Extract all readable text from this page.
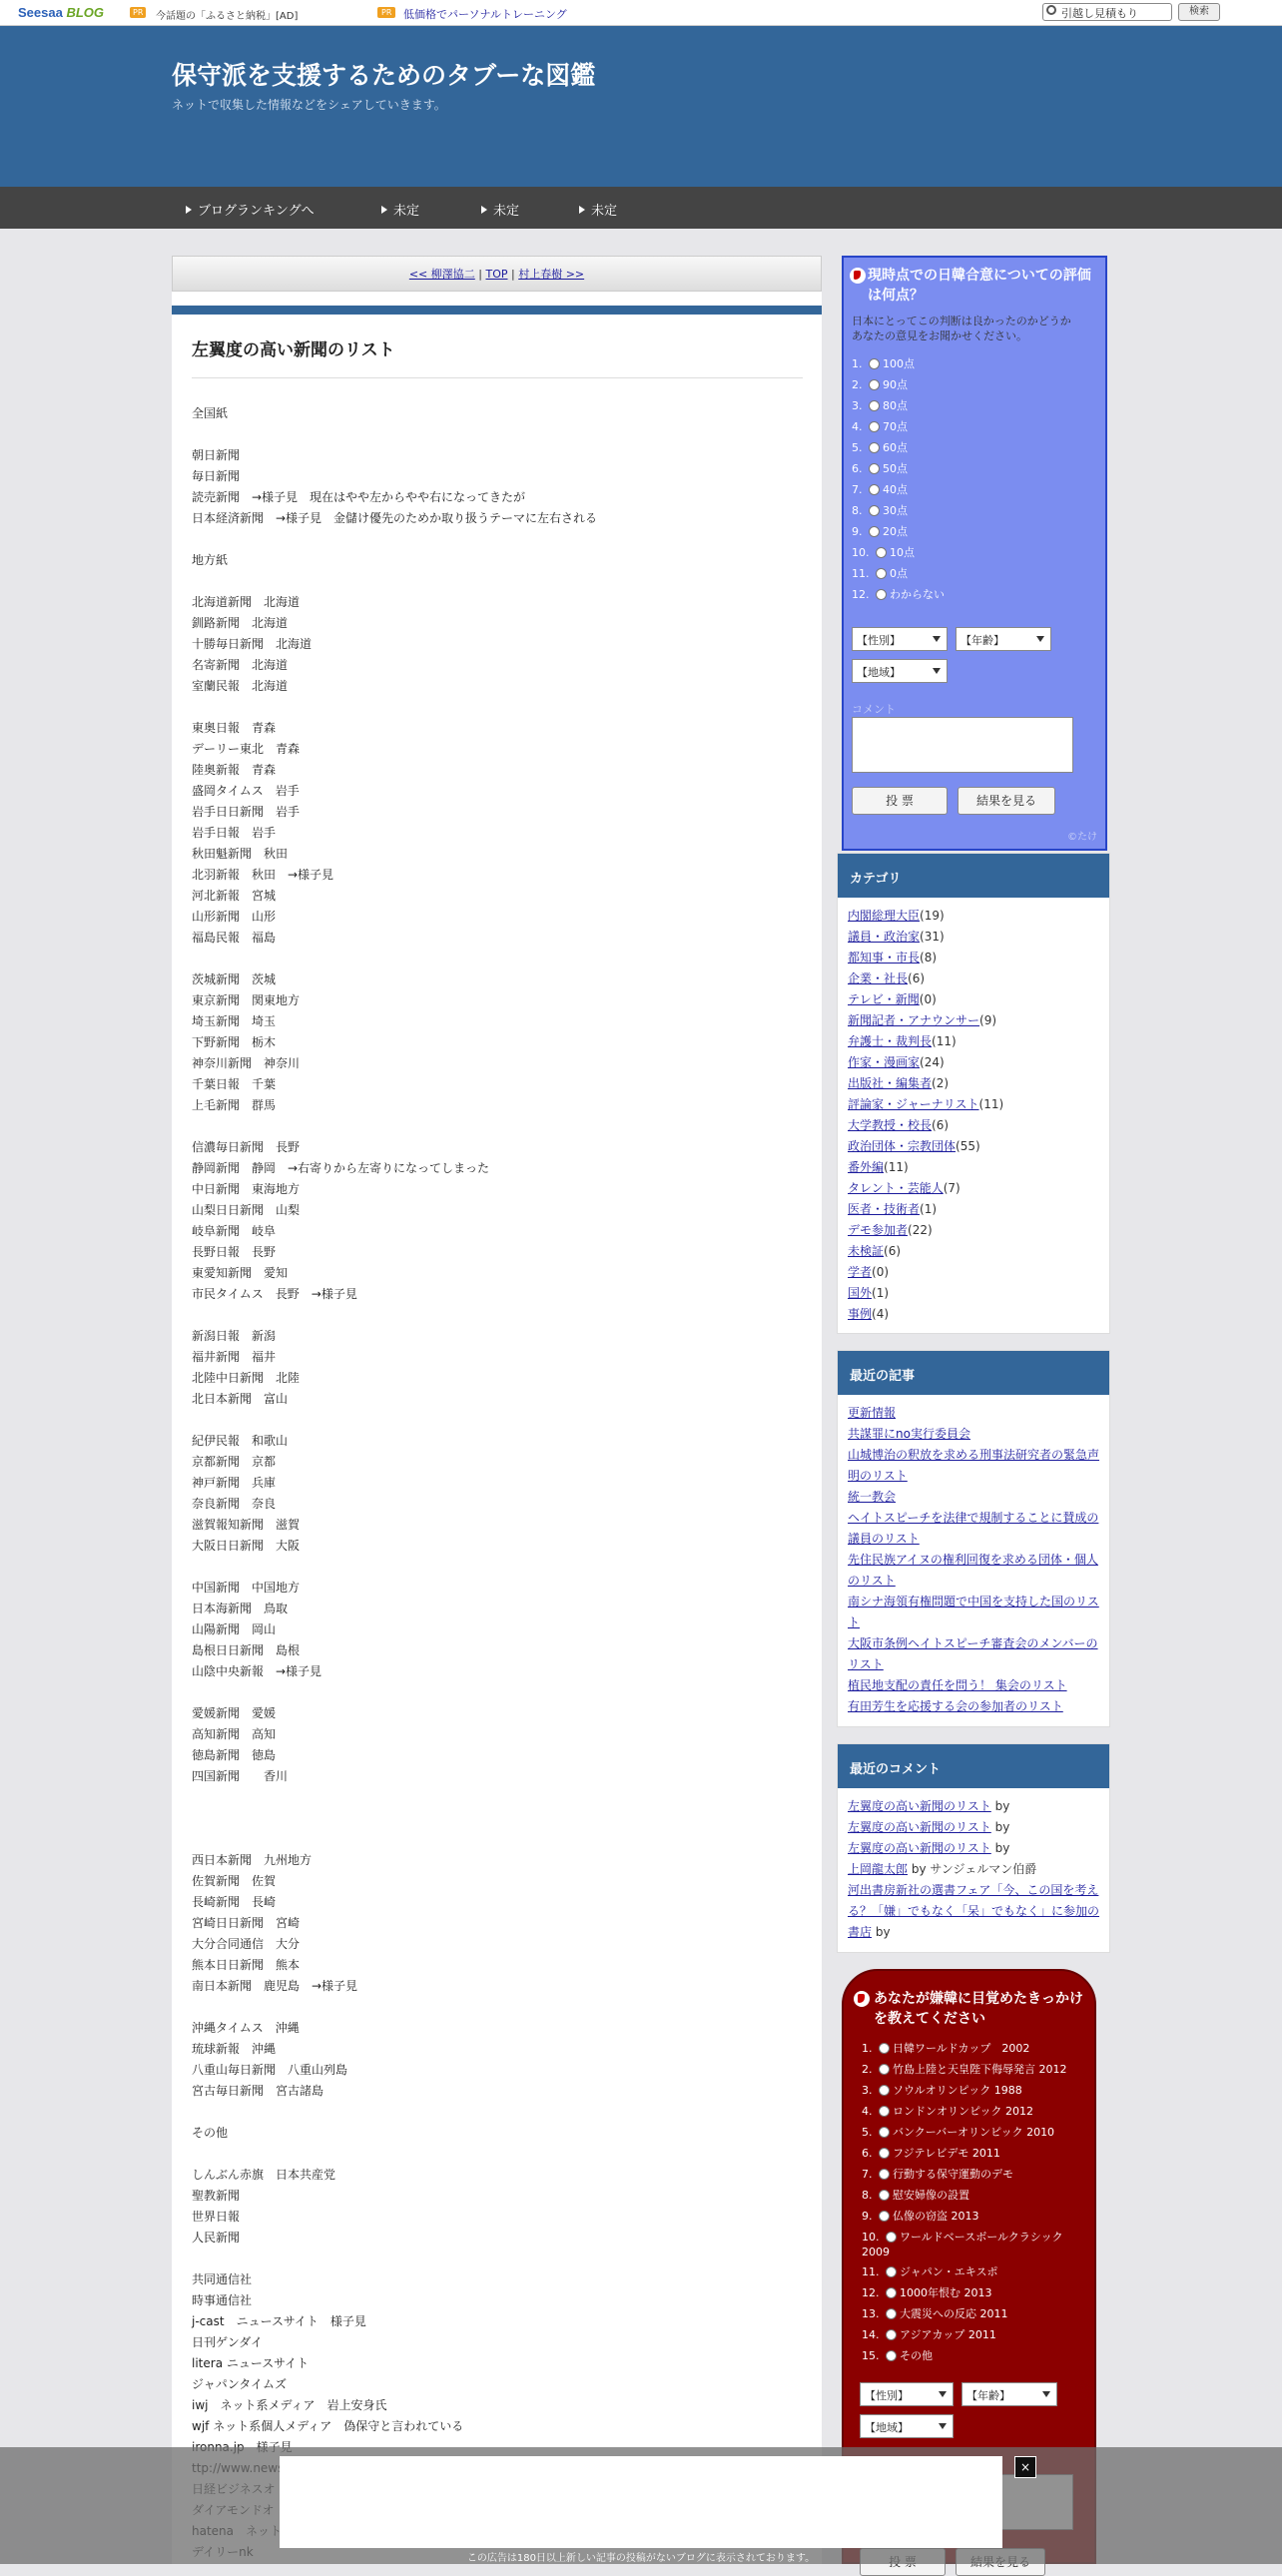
Seesaa BLOG	PR	今話題の「ふるさと納税」[AD]	PR	低価格でパーソナルトレーニング	引越し見積もり	検索
保守派を支援するためのタブーな図鑑
ネットで収集した情報などをシェアしていきます。
ブログランキングへ	未定	未定	未定
<< 柳澤協二 | TOP | 村上春樹 >>
左翼度の高い新聞のリスト
全国紙

朝日新聞
毎日新聞
読売新聞　→様子見　現在はやや左からやや右になってきたが
日本経済新聞　→様子見　金儲け優先のためか取り扱うテーマに左右される

地方紙

北海道新聞　北海道
釧路新聞　北海道
十勝毎日新聞　北海道
名寄新聞　北海道
室蘭民報　北海道

東奥日報　青森
デーリー東北　青森
陸奥新報　青森
盛岡タイムス　岩手
岩手日日新聞　岩手
岩手日報　岩手
秋田魁新聞　秋田
北羽新報　秋田　→様子見
河北新報　宮城
山形新聞　山形
福島民報　福島

茨城新聞　茨城
東京新聞　関東地方
埼玉新聞　埼玉
下野新聞　栃木
神奈川新聞　神奈川
千葉日報　千葉
上毛新聞　群馬

信濃毎日新聞　長野
静岡新聞　静岡　→右寄りから左寄りになってしまった
中日新聞　東海地方
山梨日日新聞　山梨
岐阜新聞　岐阜
長野日報　長野
東愛知新聞　愛知
市民タイムス　長野　→様子見

新潟日報　新潟
福井新聞　福井
北陸中日新聞　北陸
北日本新聞　富山

紀伊民報　和歌山
京都新聞　京都
神戸新聞　兵庫
奈良新聞　奈良
滋賀報知新聞　滋賀
大阪日日新聞　大阪

中国新聞　中国地方
日本海新聞　鳥取
山陽新聞　岡山
島根日日新聞　島根
山陰中央新報　→様子見

愛媛新聞　愛媛
高知新聞　高知
徳島新聞　徳島
四国新聞　　香川

西日本新聞　九州地方
佐賀新聞　佐賀
長崎新聞　長崎
宮崎日日新聞　宮崎
大分合同通信　大分
熊本日日新聞　熊本
南日本新聞　鹿児島　→様子見

沖縄タイムス　沖縄
琉球新報　沖縄
八重山毎日新聞　八重山列島
宮古毎日新聞　宮古諸島

その他

しんぶん赤旗　日本共産党
聖教新聞
世界日報
人民新聞

共同通信社
時事通信社
j-cast　ニュースサイト　様子見
日刊ゲンダイ
litera ニュースサイト
ジャパンタイムズ
iwj　ネット系メディア　岩上安身氏
wjf ネット系個人メディア　偽保守と言われている

現時点での日韓合意についての評価は何点？
日本にとってこの判断は良かったのかどうか
あなたの意見をお聞かせください。
1. 100点
2. 90点
3. 80点
4. 70点
5. 60点
6. 50点
7. 40点
8. 30点
9. 20点
10. 10点
11. 0点
12. わからない
【性別】	【年齢】
【地域】
コメント
投 票	結果を見る
©たけ
カテゴリ
内閣総理大臣(19)
議員・政治家(31)
都知事・市長(8)
企業・社長(6)
テレビ・新聞(0)
新聞記者・アナウンサー(9)
弁護士・裁判長(11)
作家・漫画家(24)
出版社・編集者(2)
評論家・ジャーナリスト(11)
大学教授・校長(6)
政治団体・宗教団体(55)
番外編(11)
タレント・芸能人(7)
医者・技術者(1)
デモ参加者(22)
未検証(6)
学者(0)
国外(1)
事例(4)
最近の記事
更新情報
共謀罪にno実行委員会
山城博治の釈放を求める刑事法研究者の緊急声明のリスト
統一教会
ヘイトスピーチを法律で規制することに賛成の議員のリスト
先住民族アイヌの権利回復を求める団体・個人のリスト
南シナ海領有権問題で中国を支持した国のリスト
大阪市条例ヘイトスピーチ審査会のメンバーのリスト
植民地支配の責任を問う！ 集会のリスト
有田芳生を応援する会の参加者のリスト
最近のコメント
左翼度の高い新聞のリスト by
左翼度の高い新聞のリスト by
左翼度の高い新聞のリスト by
上岡龍太郎 by サンジェルマン伯爵
河出書房新社の選書フェア「今、この国を考える？「嫌」でもなく「呆」でもなく」に参加の書店 by
あなたが嫌韓に目覚めたきっかけを教えてください
1. 日韓ワールドカップ　2002
2. 竹島上陸と天皇陛下侮辱発言 2012
3. ソウルオリンピック 1988
4. ロンドンオリンピック 2012
5. バンクーバーオリンピック 2010
6. フジテレビデモ 2011
7. 行動する保守運動のデモ
8. 慰安婦像の設置
9. 仏像の窃盗 2013
10. ワールドベースボールクラシック 2009
11. ジャパン・エキスポ
12. 1000年恨む 2013
13. 大震災への反応 2011
14. アジアカップ 2011
15. その他
【性別】	【年齢】
【地域】
×
この広告は180日以上新しい記事の投稿がないブログに表示されております。
